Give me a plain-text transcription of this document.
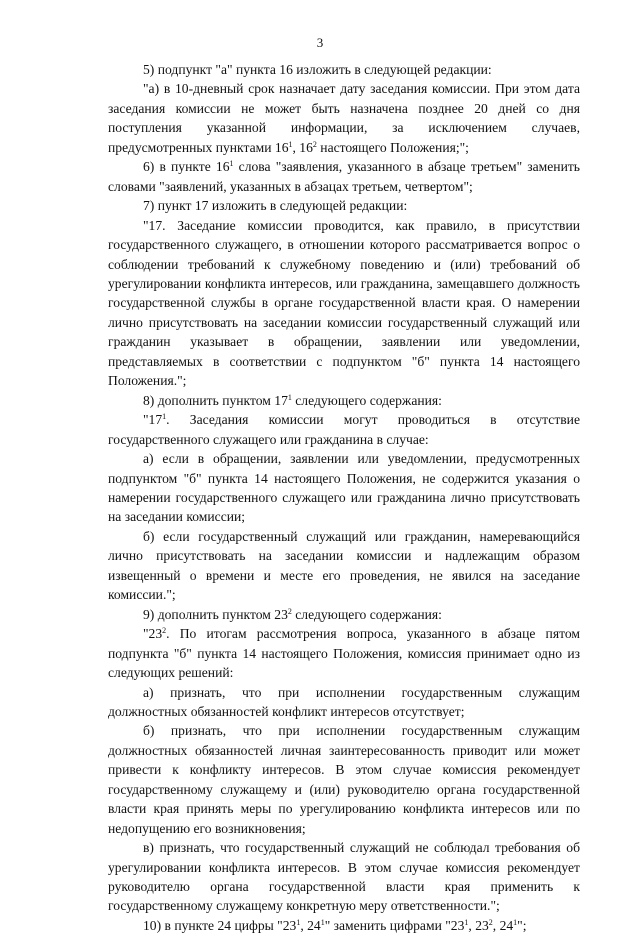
3

5) подпункт "а" пункта 16 изложить в следующей редакции:

"а) в 10-дневный срок назначает дату заседания комиссии. При этом дата заседания комиссии не может быть назначена позднее 20 дней со дня поступления указанной информации, за исключением случаев, предусмотренных пунктами $16^1$, $16^2$ настоящего Положения;";

6) в пункте $16^1$ слова "заявления, указанного в абзаце третьем" заменить словами "заявлений, указанных в абзацах третьем, четвертом";

7) пункт 17 изложить в следующей редакции:

"17. Заседание комиссии проводится, как правило, в присутствии государственного служащего, в отношении которого рассматривается вопрос о соблюдении требований к служебному поведению и (или) требований об урегулировании конфликта интересов, или гражданина, замещавшего должность государственной службы в органе государственной власти края. О намерении лично присутствовать на заседании комиссии государственный служащий или гражданин указывает в обращении, заявлении или уведомлении, представляемых в соответствии с подпунктом "б" пункта 14 настоящего Положения.";

8) дополнить пунктом $17^1$ следующего содержания:

"$17^1$. Заседания комиссии могут проводиться в отсутствие государственного служащего или гражданина в случае:

а) если в обращении, заявлении или уведомлении, предусмотренных подпунктом "б" пункта 14 настоящего Положения, не содержится указания о намерении государственного служащего или гражданина лично присутствовать на заседании комиссии;

б) если государственный служащий или гражданин, намеревающийся лично присутствовать на заседании комиссии и надлежащим образом извещенный о времени и месте его проведения, не явился на заседание комиссии.";

9) дополнить пунктом $23^2$ следующего содержания:

"$23^2$. По итогам рассмотрения вопроса, указанного в абзаце пятом подпункта "б" пункта 14 настоящего Положения, комиссия принимает одно из следующих решений:

а) признать, что при исполнении государственным служащим должностных обязанностей конфликт интересов отсутствует;

б) признать, что при исполнении государственным служащим должностных обязанностей личная заинтересованность приводит или может привести к конфликту интересов. В этом случае комиссия рекомендует государственному служащему и (или) руководителю органа государственной власти края принять меры по урегулированию конфликта интересов или по недопущению его возникновения;

в) признать, что государственный служащий не соблюдал требования об урегулировании конфликта интересов. В этом случае комиссия рекомендует руководителю органа государственной власти края применить к государственному служащему конкретную меру ответственности.";

10) в пункте 24 цифры "$23^1$, $24^1$" заменить цифрами "$23^1$, $23^2$, $24^1$";
